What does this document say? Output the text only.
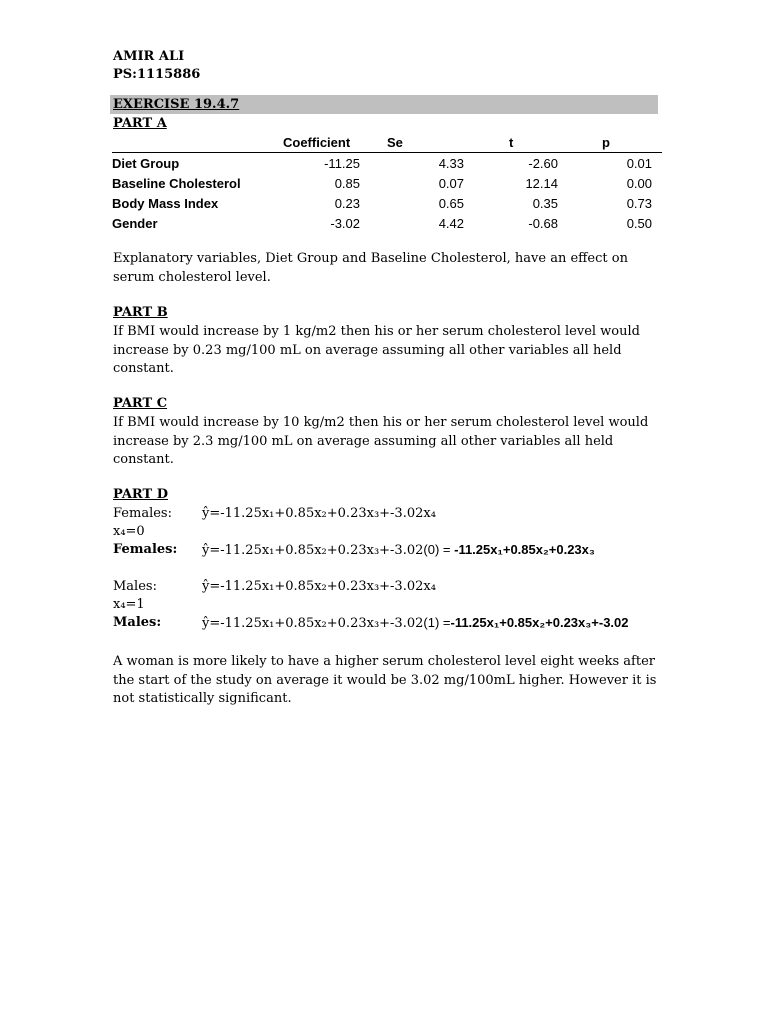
AMIR ALI
PS:1115886
EXERCISE 19.4.7
PART A
	Coefficient	Se	t	p
Diet Group	-11.25	4.33	-2.60	0.01
Baseline Cholesterol	0.85	0.07	12.14	0.00
Body Mass Index	0.23	0.65	0.35	0.73
Gender	-3.02	4.42	-0.68	0.50
Explanatory variables, Diet Group and Baseline Cholesterol, have an effect on serum cholesterol level.
PART B
If BMI would increase by 1 kg/m2 then his or her serum cholesterol level would increase by 0.23 mg/100 mL on average assuming all other variables all held constant.
PART C
If BMI would increase by 10 kg/m2 then his or her serum cholesterol level would increase by 2.3 mg/100 mL on average assuming all other variables all held constant.
PART D
Females: ŷ=-11.25x₁+0.85x₂+0.23x₃+-3.02x₄
x₄=0
Females: ŷ=-11.25x₁+0.85x₂+0.23x₃+-3.02(0) = -11.25x₁+0.85x₂+0.23x₃
Males:	ŷ=-11.25x₁+0.85x₂+0.23x₃+-3.02x₄
x₄=1
Males:	ŷ=-11.25x₁+0.85x₂+0.23x₃+-3.02(1) =-11.25x₁+0.85x₂+0.23x₃+-3.02
A woman is more likely to have a higher serum cholesterol level eight weeks after the start of the study on average it would be 3.02 mg/100mL higher. However it is not statistically significant.
